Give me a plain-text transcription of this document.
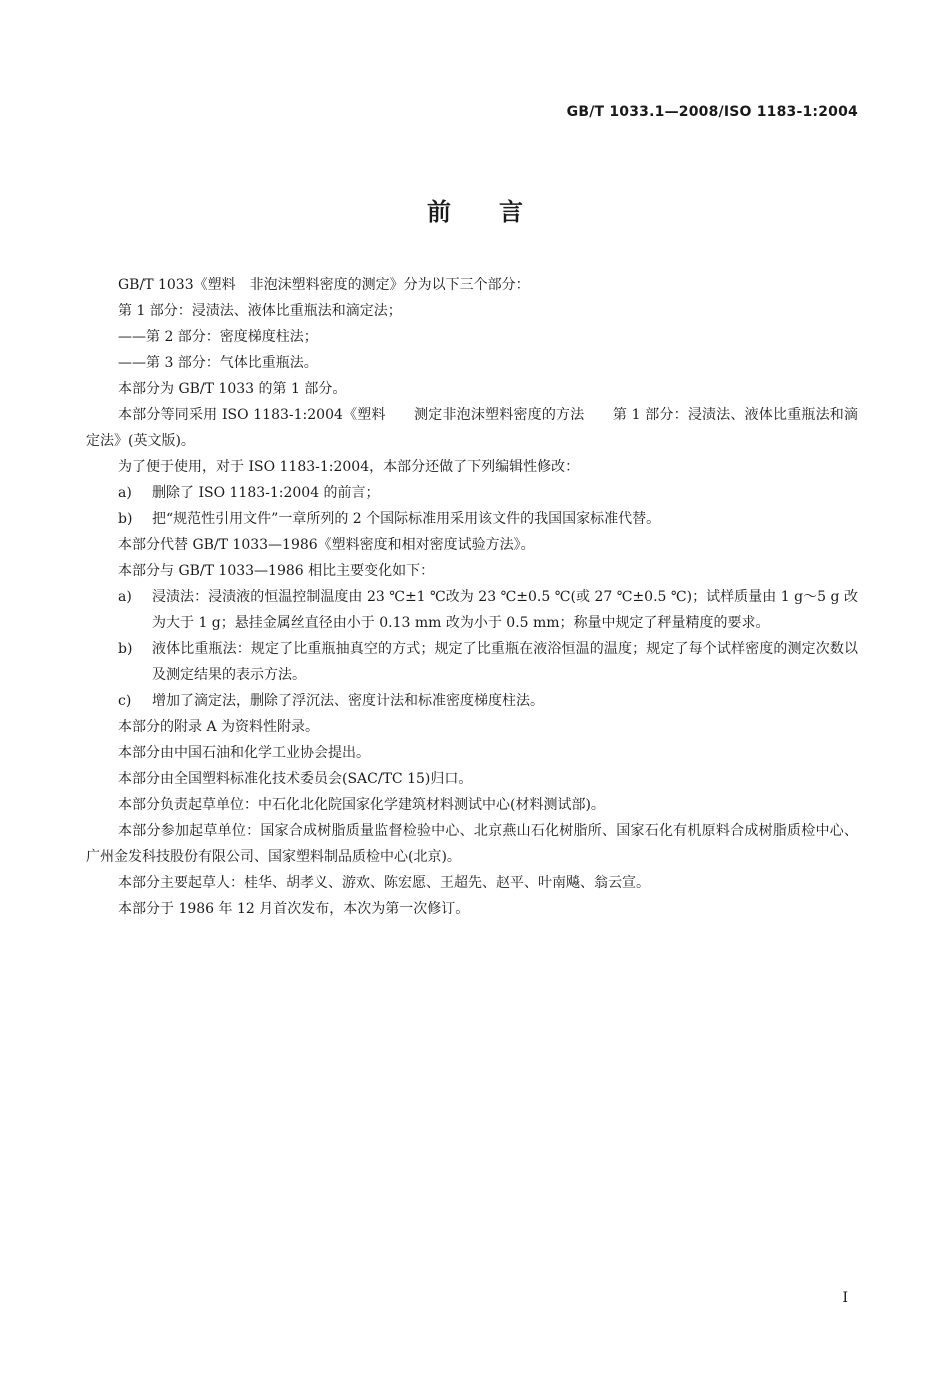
GB/T 1033.1—2008/ISO 1183-1:2004
前言

GB/T 1033《塑料　非泡沫塑料密度的测定》分为以下三个部分：

第 1 部分：浸渍法、液体比重瓶法和滴定法；

——第 2 部分：密度梯度柱法；

——第 3 部分：气体比重瓶法。

本部分为 GB/T 1033 的第 1 部分。

本部分等同采用 ISO 1183-1:2004《塑料　　测定非泡沫塑料密度的方法　　第 1 部分：浸渍法、液体比重瓶法和滴定法》(英文版)。

为了便于使用，对于 ISO 1183-1:2004，本部分还做了下列编辑性修改：

a)	删除了 ISO 1183-1:2004 的前言；
b)	把“规范性引用文件”一章所列的 2 个国际标准用采用该文件的我国国家标准代替。

本部分代替 GB/T 1033—1986《塑料密度和相对密度试验方法》。

本部分与 GB/T 1033—1986 相比主要变化如下：

a)	浸渍法：浸渍液的恒温控制温度由 23 ℃±1 ℃改为 23 ℃±0.5 ℃(或 27 ℃±0.5 ℃)；试样质量由 1 g～5 g 改为大于 1 g；悬挂金属丝直径由小于 0.13 mm 改为小于 0.5 mm；称量中规定了秤量精度的要求。
b)	液体比重瓶法：规定了比重瓶抽真空的方式；规定了比重瓶在液浴恒温的温度；规定了每个试样密度的测定次数以及测定结果的表示方法。
c)	增加了滴定法，删除了浮沉法、密度计法和标准密度梯度柱法。

本部分的附录 A 为资料性附录。

本部分由中国石油和化学工业协会提出。

本部分由全国塑料标准化技术委员会(SAC/TC 15)归口。

本部分负责起草单位：中石化北化院国家化学建筑材料测试中心(材料测试部)。

本部分参加起草单位：国家合成树脂质量监督检验中心、北京燕山石化树脂所、国家石化有机原料合成树脂质检中心、广州金发科技股份有限公司、国家塑料制品质检中心(北京)。

本部分主要起草人：桂华、胡孝义、游欢、陈宏愿、王超先、赵平、叶南飚、翁云宣。

本部分于 1986 年 12 月首次发布，本次为第一次修订。

I
